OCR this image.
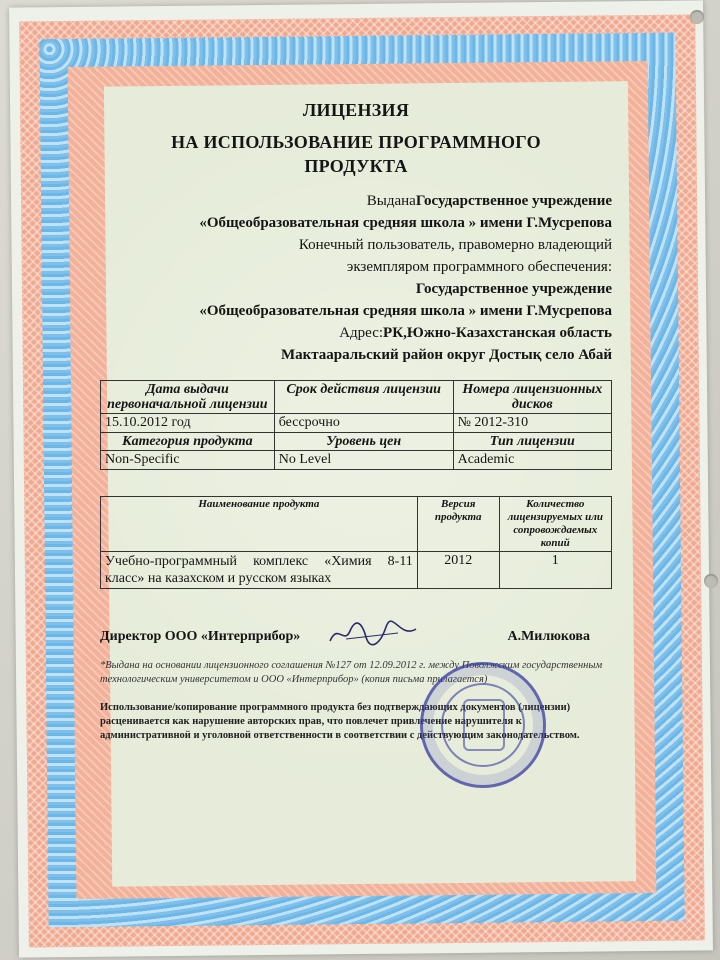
ЛИЦЕНЗИЯ

НА ИСПОЛЬЗОВАНИЕ ПРОГРАММНОГО ПРОДУКТА

ВыданаГосударственное учреждение

«Общеобразовательная средняя школа » имени Г.Мусрепова

Конечный пользователь, правомерно владеющий

экземпляром программного обеспечения:

Государственное учреждение

«Общеобразовательная средняя школа » имени Г.Мусрепова

Адрес:РК,Южно-Казахстанская область

Мактааральский район округ Достық село Абай

Дата выдачи первоначальной лицензии	Срок действия лицензии	Номера лицензионных дисков
15.10.2012 год	бессрочно	№ 2012-310
Категория продукта	Уровень цен	Тип лицензии
Non-Specific	No Level	Academic
Наименование продукта	Версия продукта	Количество лицензируемых или сопровождаемых копий
Учебно-программный комплекс «Химия 8-11 класс» на казахском и русском языках	2012	1
Директор ООО «Интерприбор»	А.Милюкова

*Выдана на основании лицензионного соглашения №127 от 12.09.2012 г. между Поволжским государственным технологическим университетом и ООО «Интерприбор» (копия письма прилагается)

Использование/копирование программного продукта без подтверждающих документов (лицензии) расценивается как нарушение авторских прав, что повлечет привлечение нарушителя к административной и уголовной ответственности в соответствии с действующим законодательством.
